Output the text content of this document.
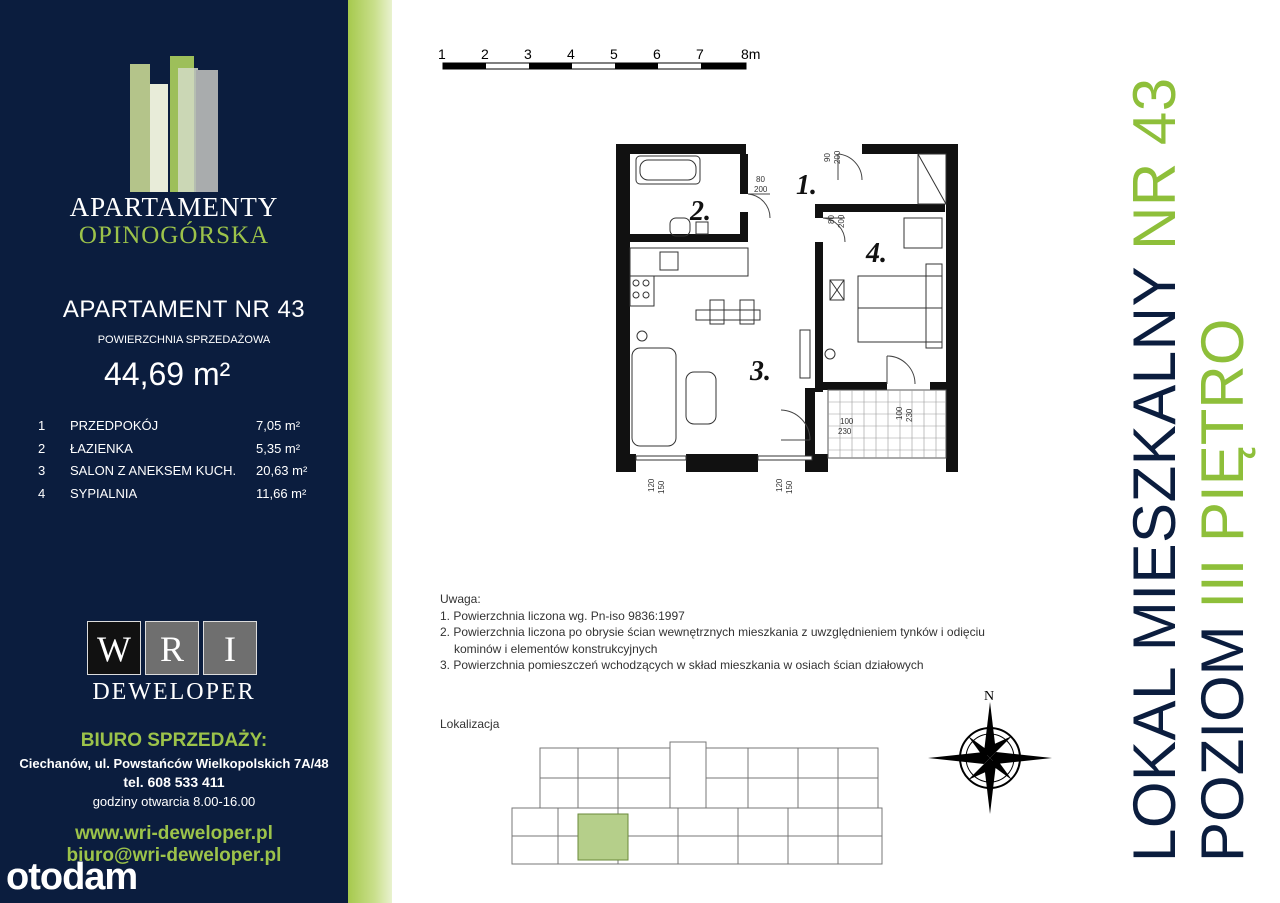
APARTAMENTY
OPINOGÓRSKA
APARTAMENT NR 43
POWIERZCHNIA SPRZEDAŻOWA
44,69 m²
1 PRZEDPOKÓJ	7,05 m²
2 ŁAZIENKA	5,35 m²
3 SALON Z ANEKSEM KUCH. 20,63 m²
4 SYPIALNIA	11,66 m²
W R	I
DEWELOPER
BIURO SPRZEDAŻY:
Ciechanów, ul. Powstańców Wielkopolskich 7A/48
tel. 608 533 411
godziny otwarcia 8.00-16.00
www.wri-deweloper.pl
biuro@wri-deweloper.pl
otodam
1	2	3	4	5	6	7	8m
1.
2.
3.
4.
80
200
90 200
80 200
100 230
100
230
120 150	120 150
Uwaga:
1. Powierzchnia liczona wg. Pn-iso 9836:1997
2. Powierzchnia liczona po obrysie ścian wewnętrznych mieszkania z uwzględnieniem tynków i odięciu
kominów i elementów konstrukcyjnych
3. Powierzchnia pomieszczeń wchodzących w skład mieszkania w osiach ścian działowych
Lokalizacja
N LOKAL MIESZKALNY NR 43
POZIOM III PIĘTRO
